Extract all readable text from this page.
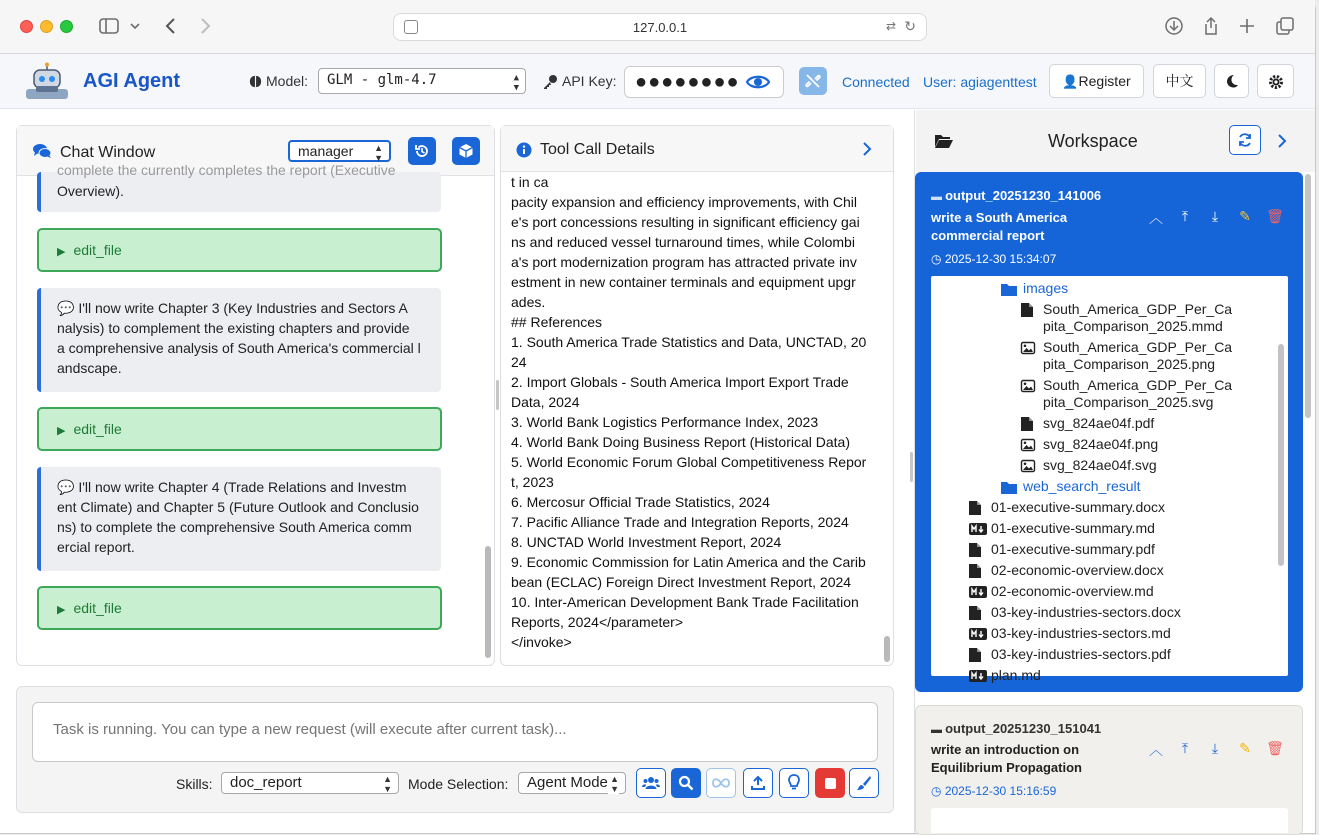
127.0.0.1	⇄ ↻
AGI Agent	Model:	GLM - glm-4.7	▲
▼	API Key: ●●●●●●●●	Connected User: agiagenttest	👤Register	中文
Chat Window	manager ▲
▼
complete the currently completes the report (Executive
Overview).
▶ edit_file
💬 I'll now write Chapter 3 (Key Industries and Sectors A
nalysis) to complement the existing chapters and provide
a comprehensive analysis of South America's commercial l
andscape.
▶ edit_file
💬 I'll now write Chapter 4 (Trade Relations and Investm
ent Climate) and Chapter 5 (Future Outlook and Conclusio
ns) to complete the comprehensive South America comm
ercial report.
▶ edit_file
Tool Call Details
t in ca
pacity expansion and efficiency improvements, with Chil
e's port concessions resulting in significant efficiency gai
ns and reduced vessel turnaround times, while Colombi
a's port modernization program has attracted private inv
estment in new container terminals and equipment upgr
ades.
## References
1. South America Trade Statistics and Data, UNCTAD, 20
24
2. Import Globals - South America Import Export Trade
Data, 2024
3. World Bank Logistics Performance Index, 2023
4. World Bank Doing Business Report (Historical Data)
5. World Economic Forum Global Competitiveness Repor
t, 2023
6. Mercosur Official Trade Statistics, 2024
7. Pacific Alliance Trade and Integration Reports, 2024
8. UNCTAD World Investment Report, 2024
9. Economic Commission for Latin America and the Carib
bean (ECLAC) Foreign Direct Investment Report, 2024
10. Inter-American Development Bank Trade Facilitation
Reports, 2024</parameter>
</invoke>
Workspace
▬ output_20251230_141006
write a South America
commercial report
◷ 2025-12-30 15:34:07
︿	⤒	⤓	✎ 🗑
images
South_America_GDP_Per_Ca
pita_Comparison_2025.mmd
South_America_GDP_Per_Ca
pita_Comparison_2025.png
South_America_GDP_Per_Ca
pita_Comparison_2025.svg
svg_824ae04f.pdf
svg_824ae04f.png
svg_824ae04f.svg
web_search_result
01-executive-summary.docx
01-executive-summary.md
01-executive-summary.pdf
02-economic-overview.docx
02-economic-overview.md
03-key-industries-sectors.docx
03-key-industries-sectors.md
03-key-industries-sectors.pdf
plan.md
▬ output_20251230_151041
write an introduction on
Equilibrium Propagation
◷ 2025-12-30 15:16:59
︿	⤒	⤓	✎ 🗑
Task is running. You can type a new request (will execute after current task)...
Skills:	doc_report	▲
▼ Mode Selection:	Agent Mode ▲
▼
